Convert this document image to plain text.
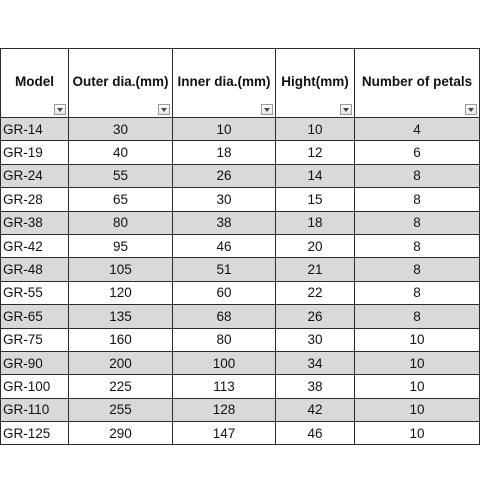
Model	Outer dia.(mm)	Inner dia.(mm)	Hight(mm)	Number of petals

GR-14	30	10	10	4
GR-19	40	18	12	6
GR-24	55	26	14	8
GR-28	65	30	15	8
GR-38	80	38	18	8
GR-42	95	46	20	8
GR-48	105	51	21	8
GR-55	120	60	22	8
GR-65	135	68	26	8
GR-75	160	80	30	10
GR-90	200	100	34	10
GR-100	225	113	38	10
GR-110	255	128	42	10
GR-125	290	147	46	10
